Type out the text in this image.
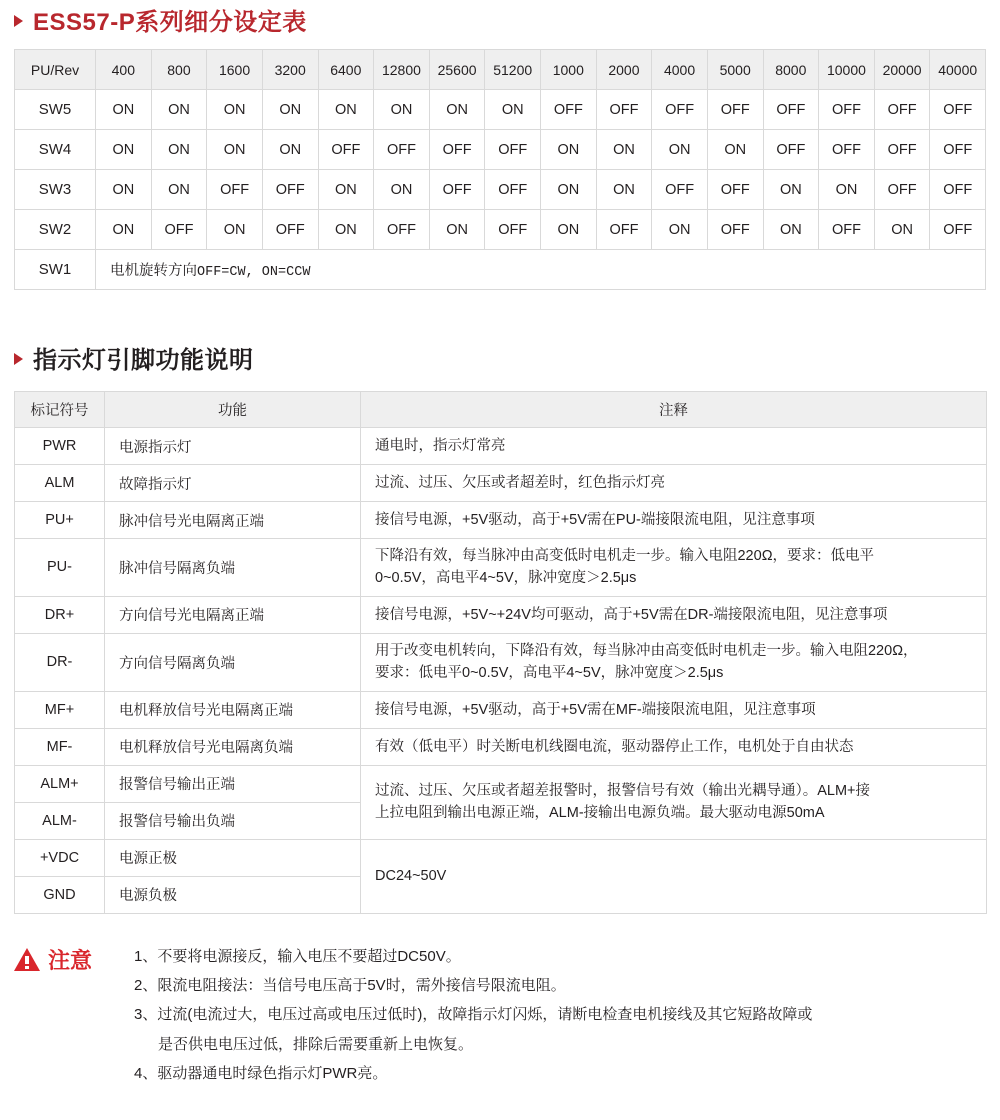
ESS57-P系列细分设定表
PU/Rev	400	800	1600	3200	6400	12800	25600	51200	1000	2000	4000	5000	8000	10000	20000	40000
SW5	ON	ON	ON	ON	ON	ON	ON	ON	OFF	OFF	OFF	OFF	OFF	OFF	OFF	OFF
SW4	ON	ON	ON	ON	OFF	OFF	OFF	OFF	ON	ON	ON	ON	OFF	OFF	OFF	OFF
SW3	ON	ON	OFF	OFF	ON	ON	OFF	OFF	ON	ON	OFF	OFF	ON	ON	OFF	OFF
SW2	ON	OFF	ON	OFF	ON	OFF	ON	OFF	ON	OFF	ON	OFF	ON	OFF	ON	OFF
SW1	电机旋转方向OFF=CW, ON=CCW															
指示灯引脚功能说明
标记符号	功能	注释
PWR	电源指示灯	通电时，指示灯常亮
ALM	故障指示灯	过流、过压、欠压或者超差时，红色指示灯亮
PU+	脉冲信号光电隔离正端	接信号电源，+5V驱动，高于+5V需在PU-端接限流电阻，见注意事项
PU-	脉冲信号隔离负端	下降沿有效，每当脉冲由高变低时电机走一步。输入电阻220Ω，要求：低电平
0~0.5V，高电平4~5V，脉冲宽度＞2.5μs

DR+	方向信号光电隔离正端	接信号电源，+5V~+24V均可驱动，高于+5V需在DR-端接限流电阻，见注意事项
DR-	方向信号隔离负端	用于改变电机转向，下降沿有效，每当脉冲由高变低时电机走一步。输入电阻220Ω，
要求：低电平0~0.5V，高电平4~5V，脉冲宽度＞2.5μs

MF+	电机释放信号光电隔离正端	接信号电源，+5V驱动，高于+5V需在MF-端接限流电阻，见注意事项
MF-	电机释放信号光电隔离负端	有效（低电平）时关断电机线圈电流，驱动器停止工作，电机处于自由状态
ALM+	报警信号输出正端	过流、过压、欠压或者超差报警时，报警信号有效（输出光耦导通）。ALM+接
上拉电阻到输出电源正端，ALM-接输出电源负端。最大驱动电源50mA

ALM-	报警信号输出负端	
+VDC	电源正极	DC24~50V
GND	电源负极	
注意	1、不要将电源接反，输入电压不要超过DC50V。
2、限流电阻接法：当信号电压高于5V时，需外接信号限流电阻。
3、过流(电流过大，电压过高或电压过低时)，故障指示灯闪烁，请断电检查电机接线及其它短路故障或
是否供电电压过低，排除后需要重新上电恢复。
4、驱动器通电时绿色指示灯PWR亮。
